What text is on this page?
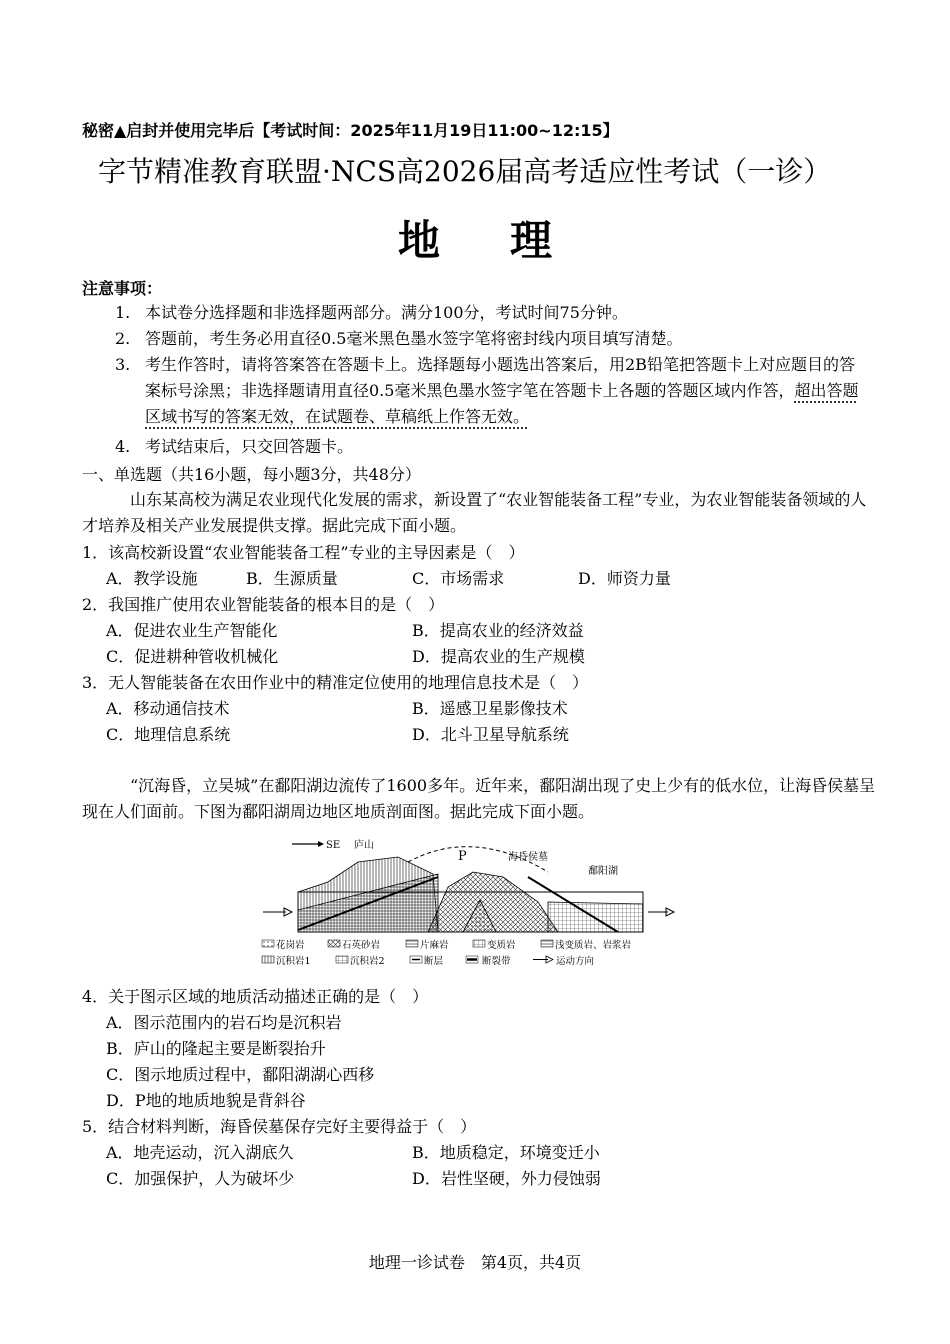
秘密▲启封并使用完毕后【考试时间：2025年11月19日11:00~12:15】
字节精准教育联盟·NCS高2026届高考适应性考试（一诊）
地理
注意事项：
1. 本试卷分选择题和非选择题两部分。满分100分，考试时间75分钟。
2. 答题前，考生务必用直径0.5毫米黑色墨水签字笔将密封线内项目填写清楚。
3. 考生作答时，请将答案答在答题卡上。选择题每小题选出答案后，用2B铅笔把答题卡上对应题目的答案标号涂黑；非选择题请用直径0.5毫米黑色墨水签字笔在答题卡上各题的答题区域内作答，超出答题区域书写的答案无效，在试题卷、草稿纸上作答无效。
4. 考试结束后，只交回答题卡。
一、单选题（共16小题，每小题3分，共48分）
山东某高校为满足农业现代化发展的需求，新设置了“农业智能装备工程”专业，为农业智能装备领域的人才培养及相关产业发展提供支撑。据此完成下面小题。
1．该高校新设置“农业智能装备工程”专业的主导因素是（　）
A．教学设施	B．生源质量	C．市场需求	D．师资力量
2．我国推广使用农业智能装备的根本目的是（　）
A．促进农业生产智能化	B．提高农业的经济效益
C．促进耕种管收机械化	D．提高农业的生产规模
3．无人智能装备在农田作业中的精准定位使用的地理信息技术是（　）
A．移动通信技术	B．遥感卫星影像技术
C．地理信息系统	D．北斗卫星导航系统
“沉海昏，立吴城”在鄱阳湖边流传了1600多年。近年来，鄱阳湖出现了史上少有的低水位，让海昏侯墓呈现在人们面前。下图为鄱阳湖周边地区地质剖面图。据此完成下面小题。
SE 庐山
P	海昏侯墓
鄱阳湖
花岗岩	石英砂岩	片麻岩	变质岩	浅变质岩、岩浆岩
沉积岩1	沉积岩2	断层	断裂带	运动方向
4．关于图示区域的地质活动描述正确的是（　）
A．图示范围内的岩石均是沉积岩
B．庐山的隆起主要是断裂抬升
C．图示地质过程中，鄱阳湖湖心西移
D．P地的地质地貌是背斜谷
5．结合材料判断，海昏侯墓保存完好主要得益于（　）
A．地壳运动，沉入湖底久	B．地质稳定，环境变迁小
C．加强保护，人为破坏少	D．岩性坚硬，外力侵蚀弱
地理一诊试卷　第4页，共4页
